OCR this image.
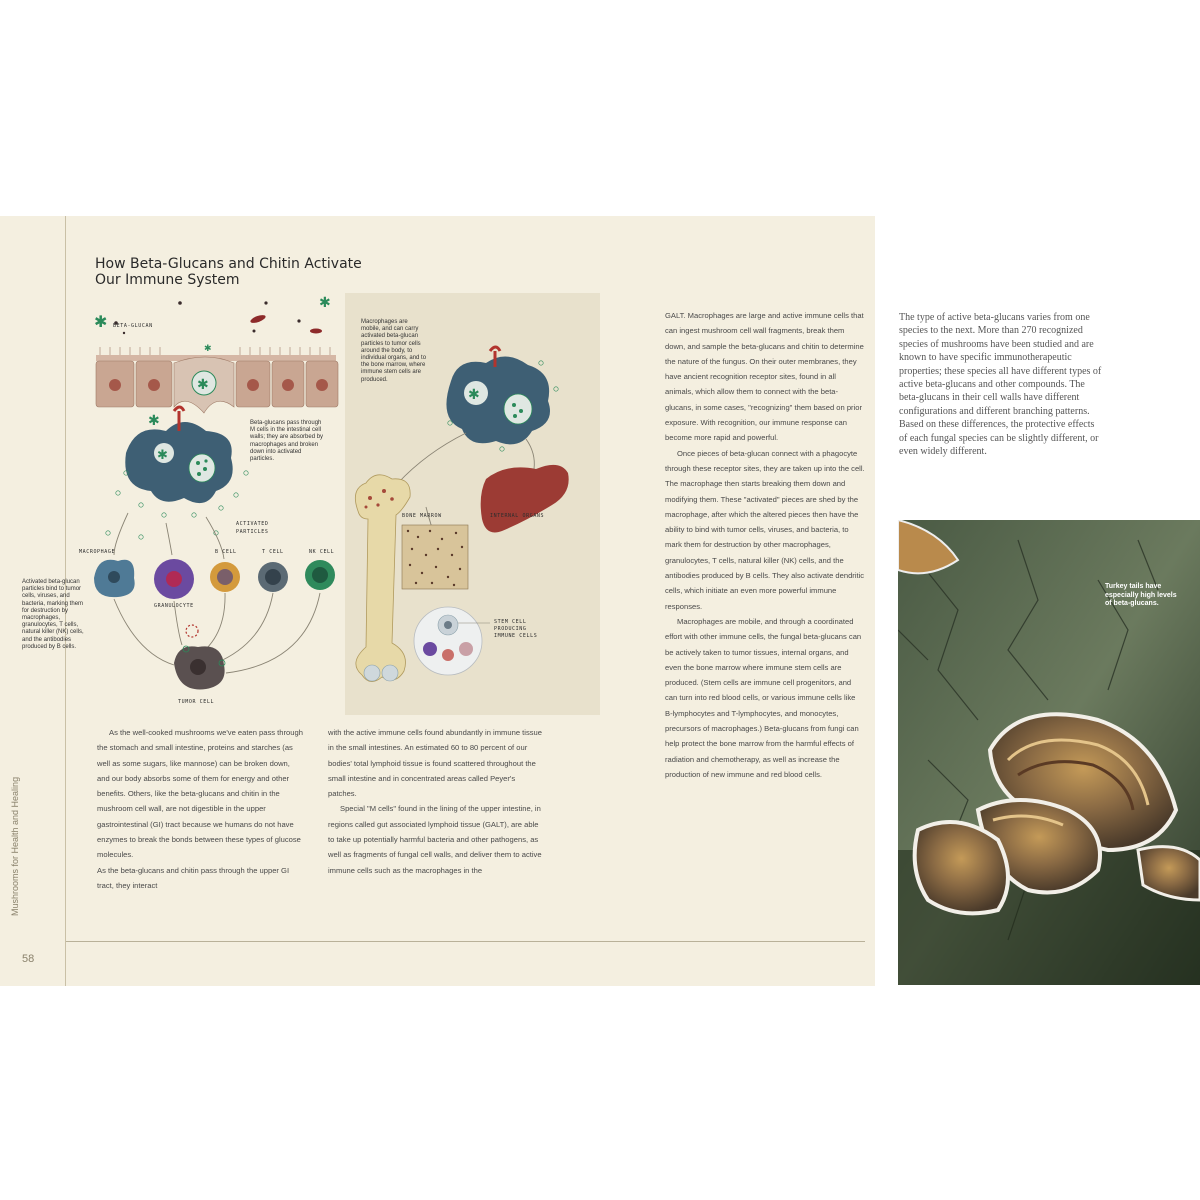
Mushrooms for Health and Healing
58
How Beta-Glucans and Chitin Activate
Our Immune System
✱
✱
✱
✱
✱
✱
✱
BETA-GLUCAN
ACTIVATED
PARTICLES
MACROPHAGE	B CELL	T CELL	NK CELL
GRANULOCYTE
TUMOR CELL
BONE MARROW	INTERNAL ORGANS
STEM CELL
PRODUCING
IMMUNE CELLS
Beta-glucans pass through M cells in the intestinal cell walls; they are absorbed by macrophages and broken down into activated particles.
Macrophages are mobile, and can carry activated beta-glucan particles to tumor cells around the body, to individual organs, and to the bone marrow, where immune stem cells are produced.
Activated beta-glucan particles bind to tumor cells, viruses, and bacteria, marking them for destruction by macrophages, granulocytes, T cells, natural killer (NK) cells, and the antibodies produced by B cells.

As the well-cooked mushrooms we've eaten pass through the stomach and small intestine, proteins and starches (as well as some sugars, like mannose) can be broken down, and our body absorbs some of them for energy and other benefits. Others, like the beta-glucans and chitin in the mushroom cell wall, are not digestible in the upper gastrointestinal (GI) tract because we humans do not have enzymes to break the bonds between these types of glucose molecules.
As the beta-glucans and chitin pass through the upper GI tract, they interact

with the active immune cells found abundantly in immune tissue in the small intestines. An estimated 60 to 80 percent of our bodies' total lymphoid tissue is found scattered throughout the small intestine and in concentrated areas called Peyer's patches.
Special "M cells" found in the lining of the upper intestine, in regions called gut associated lymphoid tissue (GALT), are able to take up potentially harmful bacteria and other pathogens, as well as fragments of fungal cell walls, and deliver them to active immune cells such as the macrophages in the

GALT. Macrophages are large and active immune cells that can ingest mushroom cell wall fragments, break them down, and sample the beta-glucans and chitin to determine the nature of the fungus. On their outer membranes, they have ancient recognition receptor sites, found in all animals, which allow them to connect with the beta-glucans, in some cases, "recognizing" them based on prior exposure. With recognition, our immune response can become more rapid and powerful.
Once pieces of beta-glucan connect with a phagocyte through these receptor sites, they are taken up into the cell. The macrophage then starts breaking them down and modifying them. These "activated" pieces are shed by the macrophage, after which the altered pieces then have the ability to bind with tumor cells, viruses, and bacteria, to mark them for destruction by other macrophages, granulocytes, T cells, natural killer (NK) cells, and the antibodies produced by B cells. They also activate dendritic cells, which initiate an even more powerful immune responses.
Macrophages are mobile, and through a coordinated effort with other immune cells, the fungal beta-glucans can be actively taken to tumor tissues, internal organs, and even the bone marrow where immune stem cells are produced. (Stem cells are immune cell progenitors, and can turn into red blood cells, or various immune cells like B-lymphocytes and T-lymphocytes, and monocytes, precursors of macrophages.) Beta-glucans from fungi can help protect the bone marrow from the harmful effects of radiation and chemotherapy, as well as increase the production of new immune and red blood cells.

The type of active beta-glucans varies from one species to the next. More than 270 recognized species of mushrooms have been studied and are known to have specific immunotherapeutic properties; these species all have different types of active beta-glucans and other compounds. The beta-glucans in their cell walls have different configurations and different branching patterns. Based on these differences, the protective effects of each fungal species can be slightly different, or even widely different.

Turkey tails have especially high levels of beta-glucans.
